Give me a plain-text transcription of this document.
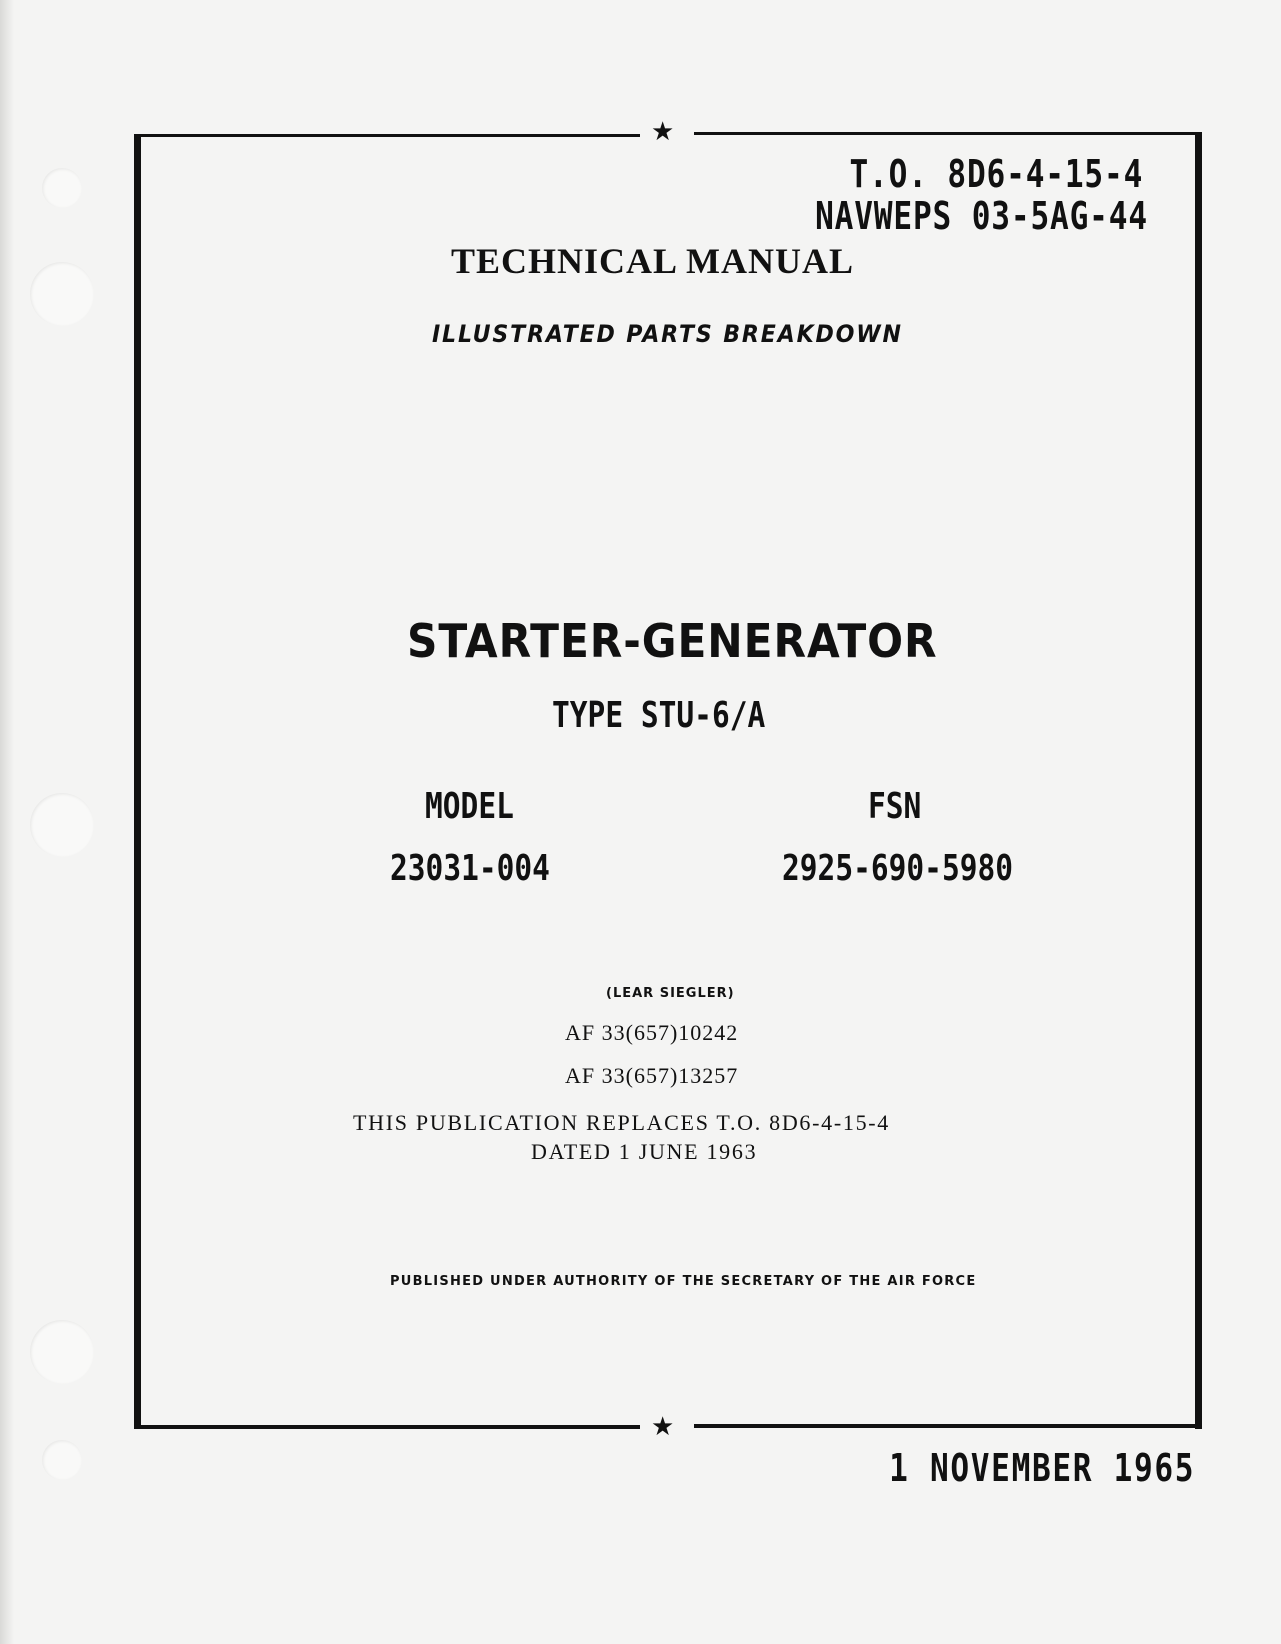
★
★
T.O. 8D6-4-15-4
NAVWEPS 03-5AG-44
TECHNICAL MANUAL
ILLUSTRATED PARTS BREAKDOWN
STARTER-GENERATOR
TYPE STU-6/A
MODEL	FSN
23031-004	2925-690-5980
(LEAR SIEGLER)
AF 33(657)10242
AF 33(657)13257
THIS PUBLICATION REPLACES T.O. 8D6-4-15-4
DATED 1 JUNE 1963
PUBLISHED UNDER AUTHORITY OF THE SECRETARY OF THE AIR FORCE
1 NOVEMBER 1965
